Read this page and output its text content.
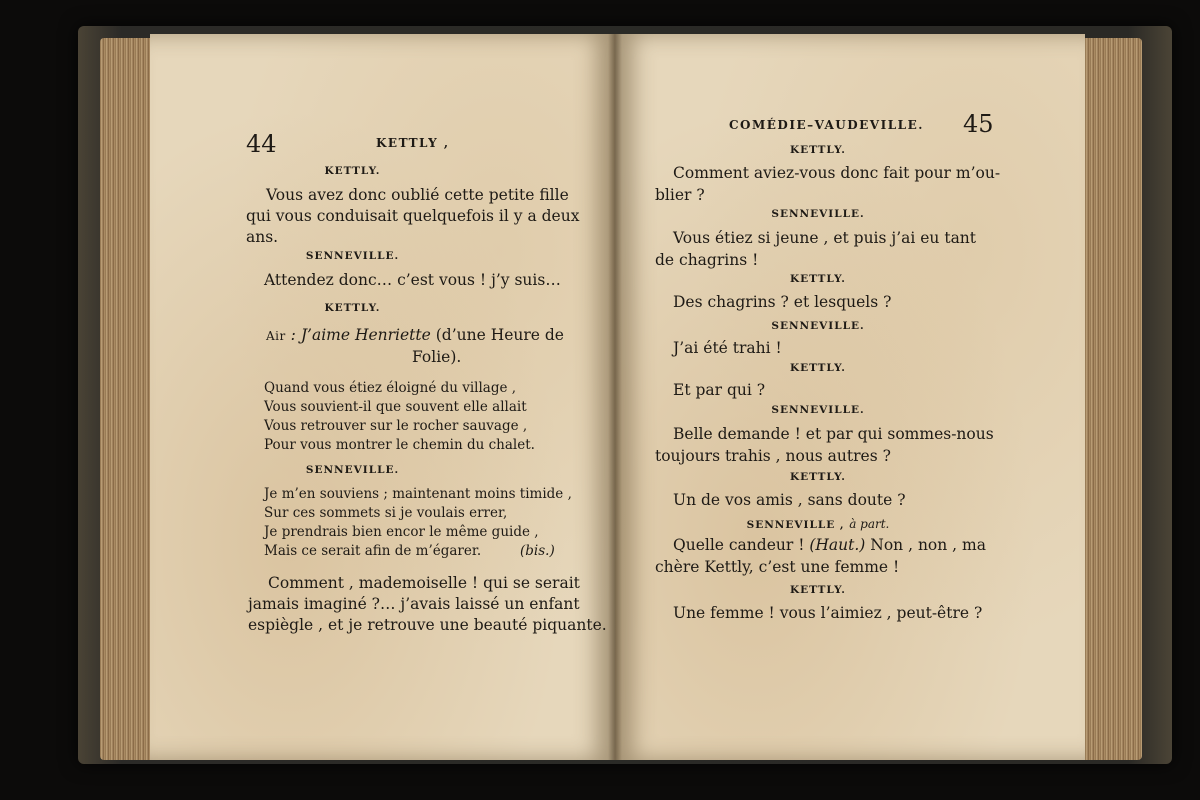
44	KETTLY ,
KETTLY.
Vous avez donc oublié cette petite fille
qui vous conduisait quelquefois il y a deux
ans.
SENNEVILLE.
Attendez donc… c’est vous ! j’y suis…
KETTLY.
Air : J’aime Henriette (d’une Heure de
Folie).
Quand vous étiez éloigné du village ,
Vous souvient-il que souvent elle allait
Vous retrouver sur le rocher sauvage ,
Pour vous montrer le chemin du chalet.
SENNEVILLE.
Je m’en souviens ; maintenant moins timide ,
Sur ces sommets si je voulais errer,
Je prendrais bien encor le même guide ,
Mais ce serait afin de m’égarer.	(bis.)
Comment , mademoiselle ! qui se serait
jamais imaginé ?… j’avais laissé un enfant
espiègle , et je retrouve une beauté piquante.
COMÉDIE–VAUDEVILLE. 45
KETTLY.
Comment aviez-vous donc fait pour m’ou-
blier ?
SENNEVILLE.
Vous étiez si jeune , et puis j’ai eu tant
de chagrins !
KETTLY.
Des chagrins ? et lesquels ?
SENNEVILLE.
J’ai été trahi !
KETTLY.
Et par qui ?
SENNEVILLE.
Belle demande ! et par qui sommes-nous
toujours trahis , nous autres ?
KETTLY.
Un de vos amis , sans doute ?
SENNEVILLE , à part.
Quelle candeur ! (Haut.) Non , non , ma
chère Kettly, c’est une femme !
KETTLY.
Une femme ! vous l’aimiez , peut-être ?
